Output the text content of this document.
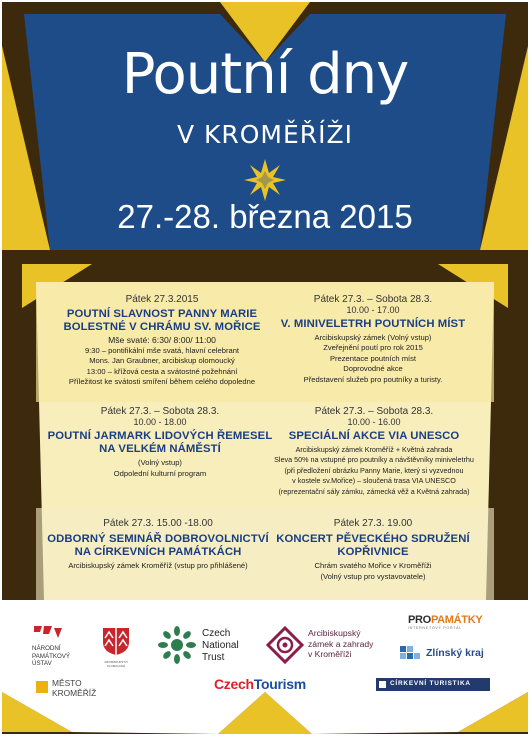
Poutní dny

V KROMĚŘÍŽI

27.-28. března 2015

Pátek 27.3.2015
POUTNÍ SLAVNOST PANNY MARIE
BOLESTNÉ V CHRÁMU SV. MOŘICE
Mše svaté: 6:30/ 8:00/ 11:00
9:30 – pontifikální mše svatá, hlavní celebrant
Mons. Jan Graubner, arcibiskup olomoucký
13:00 – křížová cesta a svátostné požehnání
Příležitost ke svátosti smíření během celého dopoledne
Pátek 27.3. – Sobota 28.3.
10.00 - 17.00
V. MINIVELETRH POUTNÍCH MÍST
Arcibiskupský zámek (Volný vstup)
Zveřejnění poutí pro rok 2015
Prezentace poutních míst
Doprovodné akce
Představení služeb pro poutníky a turisty.
Pátek 27.3. – Sobota 28.3.
10.00 - 18.00
POUTNÍ JARMARK LIDOVÝCH ŘEMESEL
NA VELKÉM NÁMĚSTÍ
(Volný vstup)
Odpolední kulturní program
Pátek 27.3. – Sobota 28.3.
10.00 - 16.00
SPECIÁLNÍ AKCE VIA UNESCO
Arcibiskupský zámek Kroměříž + Květná zahrada
Sleva 50% na vstupné pro poutníky a návštěvníky miniveletrhu
(při předložení obrázku Panny Marie, který si vyzvednou
v kostele sv.Mořice) – sloučená trasa VIA UNESCO
(reprezentační sály zámku, zámecká věž a Květná zahrada)
Pátek 27.3. 15.00 -18.00
ODBORNÝ SEMINÁŘ DOBROVOLNICTVÍ
NA CÍRKEVNÍCH PAMÁTKÁCH
Arcibiskupský zámek Kroměříž (vstup pro přihlášené)
Pátek 27.3. 19.00
KONCERT PĚVECKÉHO SDRUŽENÍ
KOPŘIVNICE
Chrám svatého Mořice v Kroměříži
(Volný vstup pro vystavovatele)
NÁRODNÍ
PAMÁTKOVÝ
ÚSTAV	ARCIBISKUPSTVÍ OLOMOUCKÉ
Czech
National
Trust
Arcibiskupský
zámek a zahrady
v Kroměříži
PROPAMÁTKY
INTERNETOVÝ PORTÁL
Zlínský kraj
MĚSTO
KROMĚŘÍŽ
CzechTourism	CÍRKEVNÍ TURISTIKA
